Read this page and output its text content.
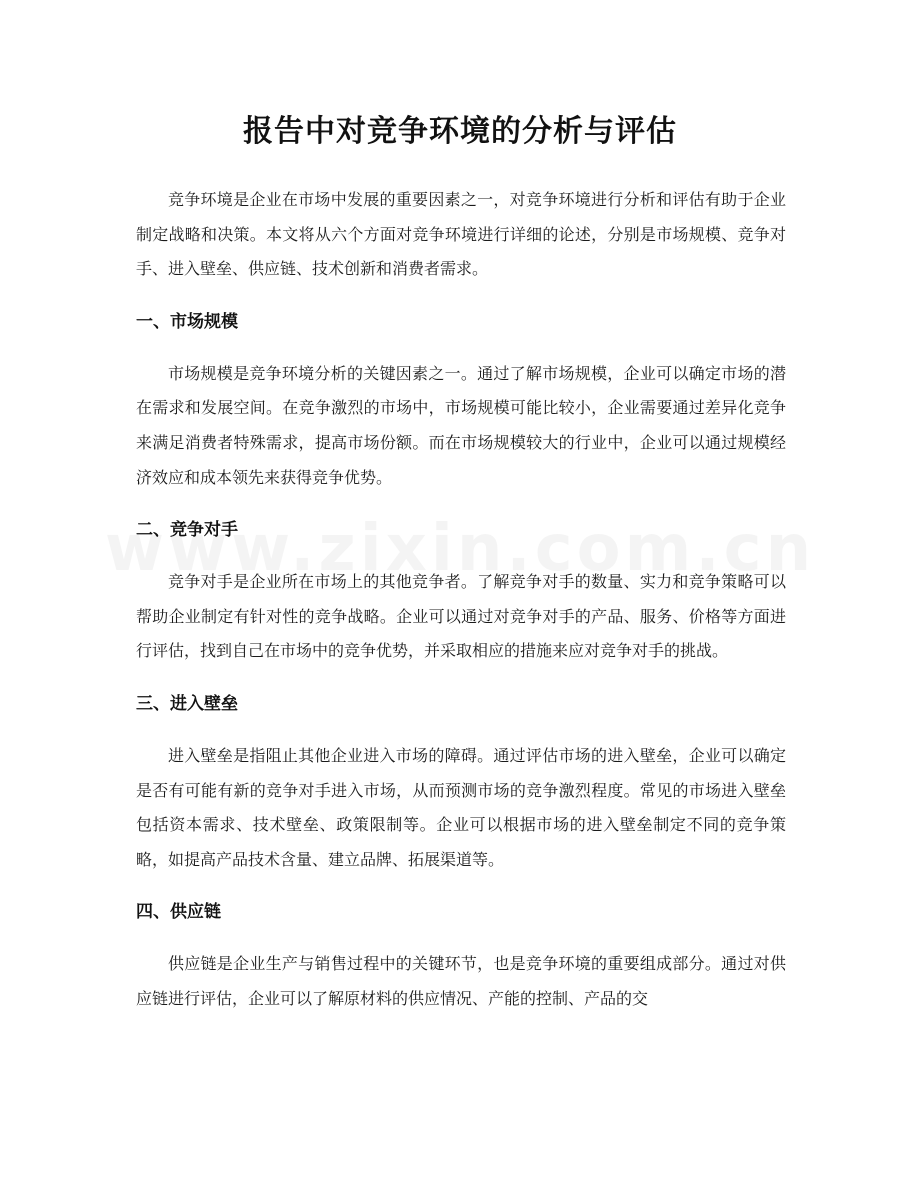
报告中对竞争环境的分析与评估

竞争环境是企业在市场中发展的重要因素之一，对竞争环境进行分析和评估有助于企业制定战略和决策。本文将从六个方面对竞争环境进行详细的论述，分别是市场规模、竞争对手、进入壁垒、供应链、技术创新和消费者需求。

一、市场规模

市场规模是竞争环境分析的关键因素之一。通过了解市场规模，企业可以确定市场的潜在需求和发展空间。在竞争激烈的市场中，市场规模可能比较小，企业需要通过差异化竞争来满足消费者特殊需求，提高市场份额。而在市场规模较大的行业中，企业可以通过规模经济效应和成本领先来获得竞争优势。

二、竞争对手

竞争对手是企业所在市场上的其他竞争者。了解竞争对手的数量、实力和竞争策略可以帮助企业制定有针对性的竞争战略。企业可以通过对竞争对手的产品、服务、价格等方面进行评估，找到自己在市场中的竞争优势，并采取相应的措施来应对竞争对手的挑战。

三、进入壁垒

进入壁垒是指阻止其他企业进入市场的障碍。通过评估市场的进入壁垒，企业可以确定是否有可能有新的竞争对手进入市场，从而预测市场的竞争激烈程度。常见的市场进入壁垒包括资本需求、技术壁垒、政策限制等。企业可以根据市场的进入壁垒制定不同的竞争策略，如提高产品技术含量、建立品牌、拓展渠道等。

四、供应链

供应链是企业生产与销售过程中的关键环节，也是竞争环境的重要组成部分。通过对供应链进行评估，企业可以了解原材料的供应情况、产能的控制、产品的交
